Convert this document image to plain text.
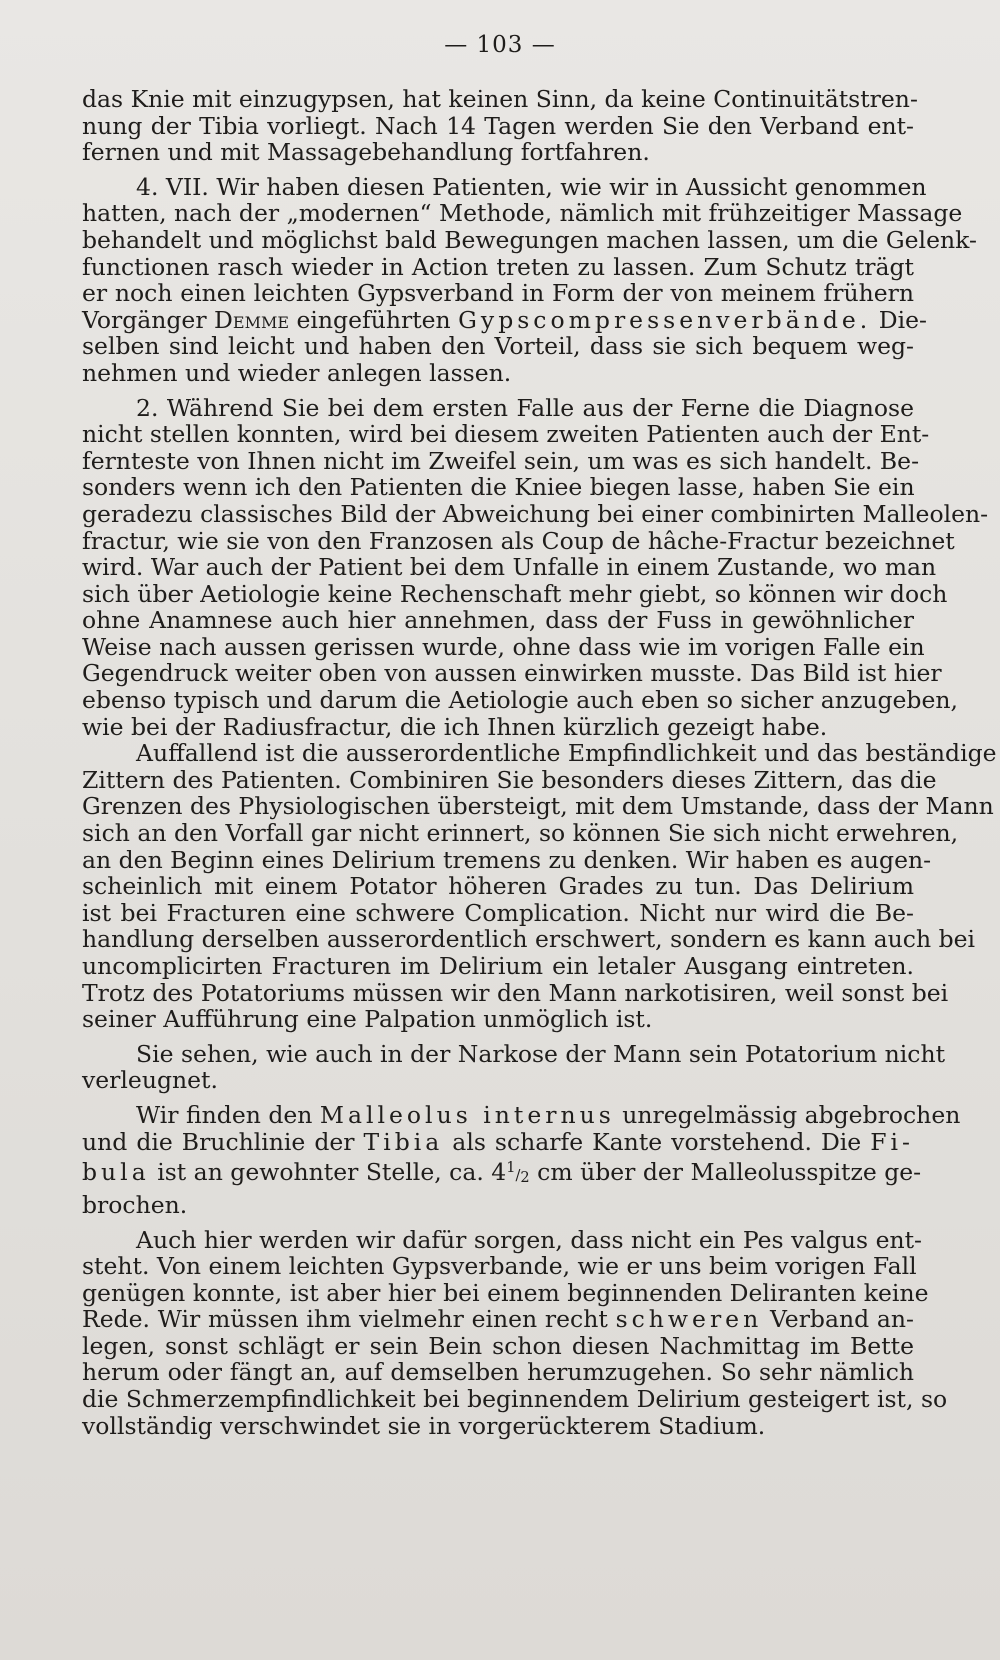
— 103 —
das Knie mit einzugypsen, hat keinen Sinn, da keine Continuitätstren-
nung der Tibia vorliegt. Nach 14 Tagen werden Sie den Verband ent-
fernen und mit Massagebehandlung fortfahren.
4. VII. Wir haben diesen Patienten, wie wir in Aussicht genommen
hatten, nach der „modernen“ Methode, nämlich mit frühzeitiger Massage
behandelt und möglichst bald Bewegungen machen lassen, um die Gelenk-
functionen rasch wieder in Action treten zu lassen. Zum Schutz trägt
er noch einen leichten Gypsverband in Form der von meinem frühern
Vorgänger Demme eingeführten Gypscompressenverbände. Die-
selben sind leicht und haben den Vorteil, dass sie sich bequem weg-
nehmen und wieder anlegen lassen.
2. Während Sie bei dem ersten Falle aus der Ferne die Diagnose
nicht stellen konnten, wird bei diesem zweiten Patienten auch der Ent-
fernteste von Ihnen nicht im Zweifel sein, um was es sich handelt. Be-
sonders wenn ich den Patienten die Kniee biegen lasse, haben Sie ein
geradezu classisches Bild der Abweichung bei einer combinirten Malleolen-
fractur, wie sie von den Franzosen als Coup de hâche-Fractur bezeichnet
wird. War auch der Patient bei dem Unfalle in einem Zustande, wo man
sich über Aetiologie keine Rechenschaft mehr giebt, so können wir doch
ohne Anamnese auch hier annehmen, dass der Fuss in gewöhnlicher
Weise nach aussen gerissen wurde, ohne dass wie im vorigen Falle ein
Gegendruck weiter oben von aussen einwirken musste. Das Bild ist hier
ebenso typisch und darum die Aetiologie auch eben so sicher anzugeben,
wie bei der Radiusfractur, die ich Ihnen kürzlich gezeigt habe.
Auffallend ist die ausserordentliche Empfindlichkeit und das beständige
Zittern des Patienten. Combiniren Sie besonders dieses Zittern, das die
Grenzen des Physiologischen übersteigt, mit dem Umstande, dass der Mann
sich an den Vorfall gar nicht erinnert, so können Sie sich nicht erwehren,
an den Beginn eines Delirium tremens zu denken. Wir haben es augen-
scheinlich mit einem Potator höheren Grades zu tun. Das Delirium
ist bei Fracturen eine schwere Complication. Nicht nur wird die Be-
handlung derselben ausserordentlich erschwert, sondern es kann auch bei
uncomplicirten Fracturen im Delirium ein letaler Ausgang eintreten.
Trotz des Potatoriums müssen wir den Mann narkotisiren, weil sonst bei
seiner Aufführung eine Palpation unmöglich ist.
Sie sehen, wie auch in der Narkose der Mann sein Potatorium nicht
verleugnet.
Wir finden den Malleolus internus unregelmässig abgebrochen
und die Bruchlinie der Tibia als scharfe Kante vorstehend. Die Fi-
bula ist an gewohnter Stelle, ca. $4^1/_2$ cm über der Malleolusspitze ge-
brochen.
Auch hier werden wir dafür sorgen, dass nicht ein Pes valgus ent-
steht. Von einem leichten Gypsverbande, wie er uns beim vorigen Fall
genügen konnte, ist aber hier bei einem beginnenden Deliranten keine
Rede. Wir müssen ihm vielmehr einen recht schweren Verband an-
legen, sonst schlägt er sein Bein schon diesen Nachmittag im Bette
herum oder fängt an, auf demselben herumzugehen. So sehr nämlich
die Schmerzempfindlichkeit bei beginnendem Delirium gesteigert ist, so
vollständig verschwindet sie in vorgerückterem Stadium.
